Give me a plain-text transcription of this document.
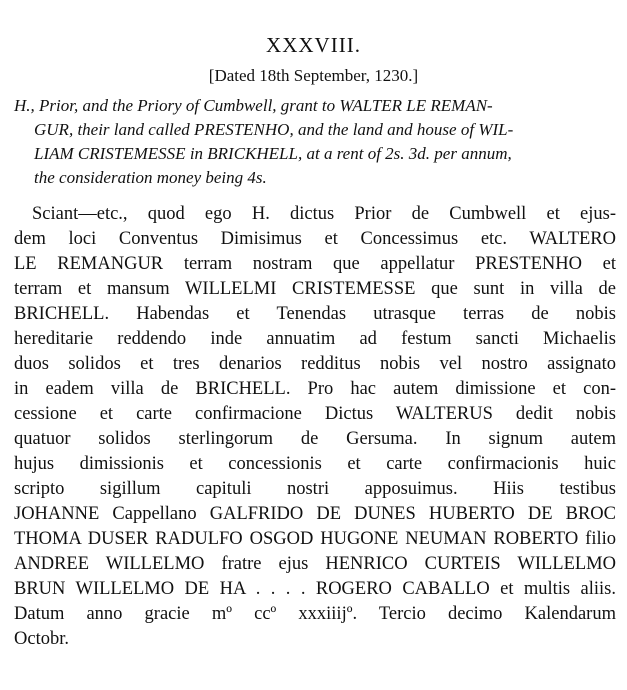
XXXVIII.
[Dated 18th September, 1230.]
H., Prior, and the Priory of Cumbwell, grant to WALTER LE REMAN-
GUR, their land called PRESTENHO, and the land and house of WIL-
LIAM CRISTEMESSE in BRICKHELL, at a rent of 2s. 3d. per annum,
the consideration money being 4s.
Sciant—etc., quod ego H. dictus Prior de Cumbwell et ejus-
dem loci Conventus Dimisimus et Concessimus etc. WALTERO
LE REMANGUR terram nostram que appellatur PRESTENHO et
terram et mansum WILLELMI CRISTEMESSE que sunt in villa de
BRICHELL. Habendas et Tenendas utrasque terras de nobis
hereditarie reddendo inde annuatim ad festum sancti Michaelis
duos solidos et tres denarios redditus nobis vel nostro assignato
in eadem villa de BRICHELL. Pro hac autem dimissione et con-
cessione et carte confirmacione Dictus WALTERUS dedit nobis
quatuor solidos sterlingorum de Gersuma. In signum autem
hujus dimissionis et concessionis et carte confirmacionis huic
scripto sigillum capituli nostri apposuimus. Hiis testibus
JOHANNE Cappellano GALFRIDO DE DUNES HUBERTO DE BROC
THOMA DUSER RADULFO OSGOD HUGONE NEUMAN ROBERTO filio
ANDREE WILLELMO fratre ejus HENRICO CURTEIS WILLELMO
BRUN WILLELMO DE HA . . . . ROGERO CABALLO et multis aliis.
Datum anno gracie mº ccº xxxiiijº. Tercio decimo Kalendarum
Octobr.
